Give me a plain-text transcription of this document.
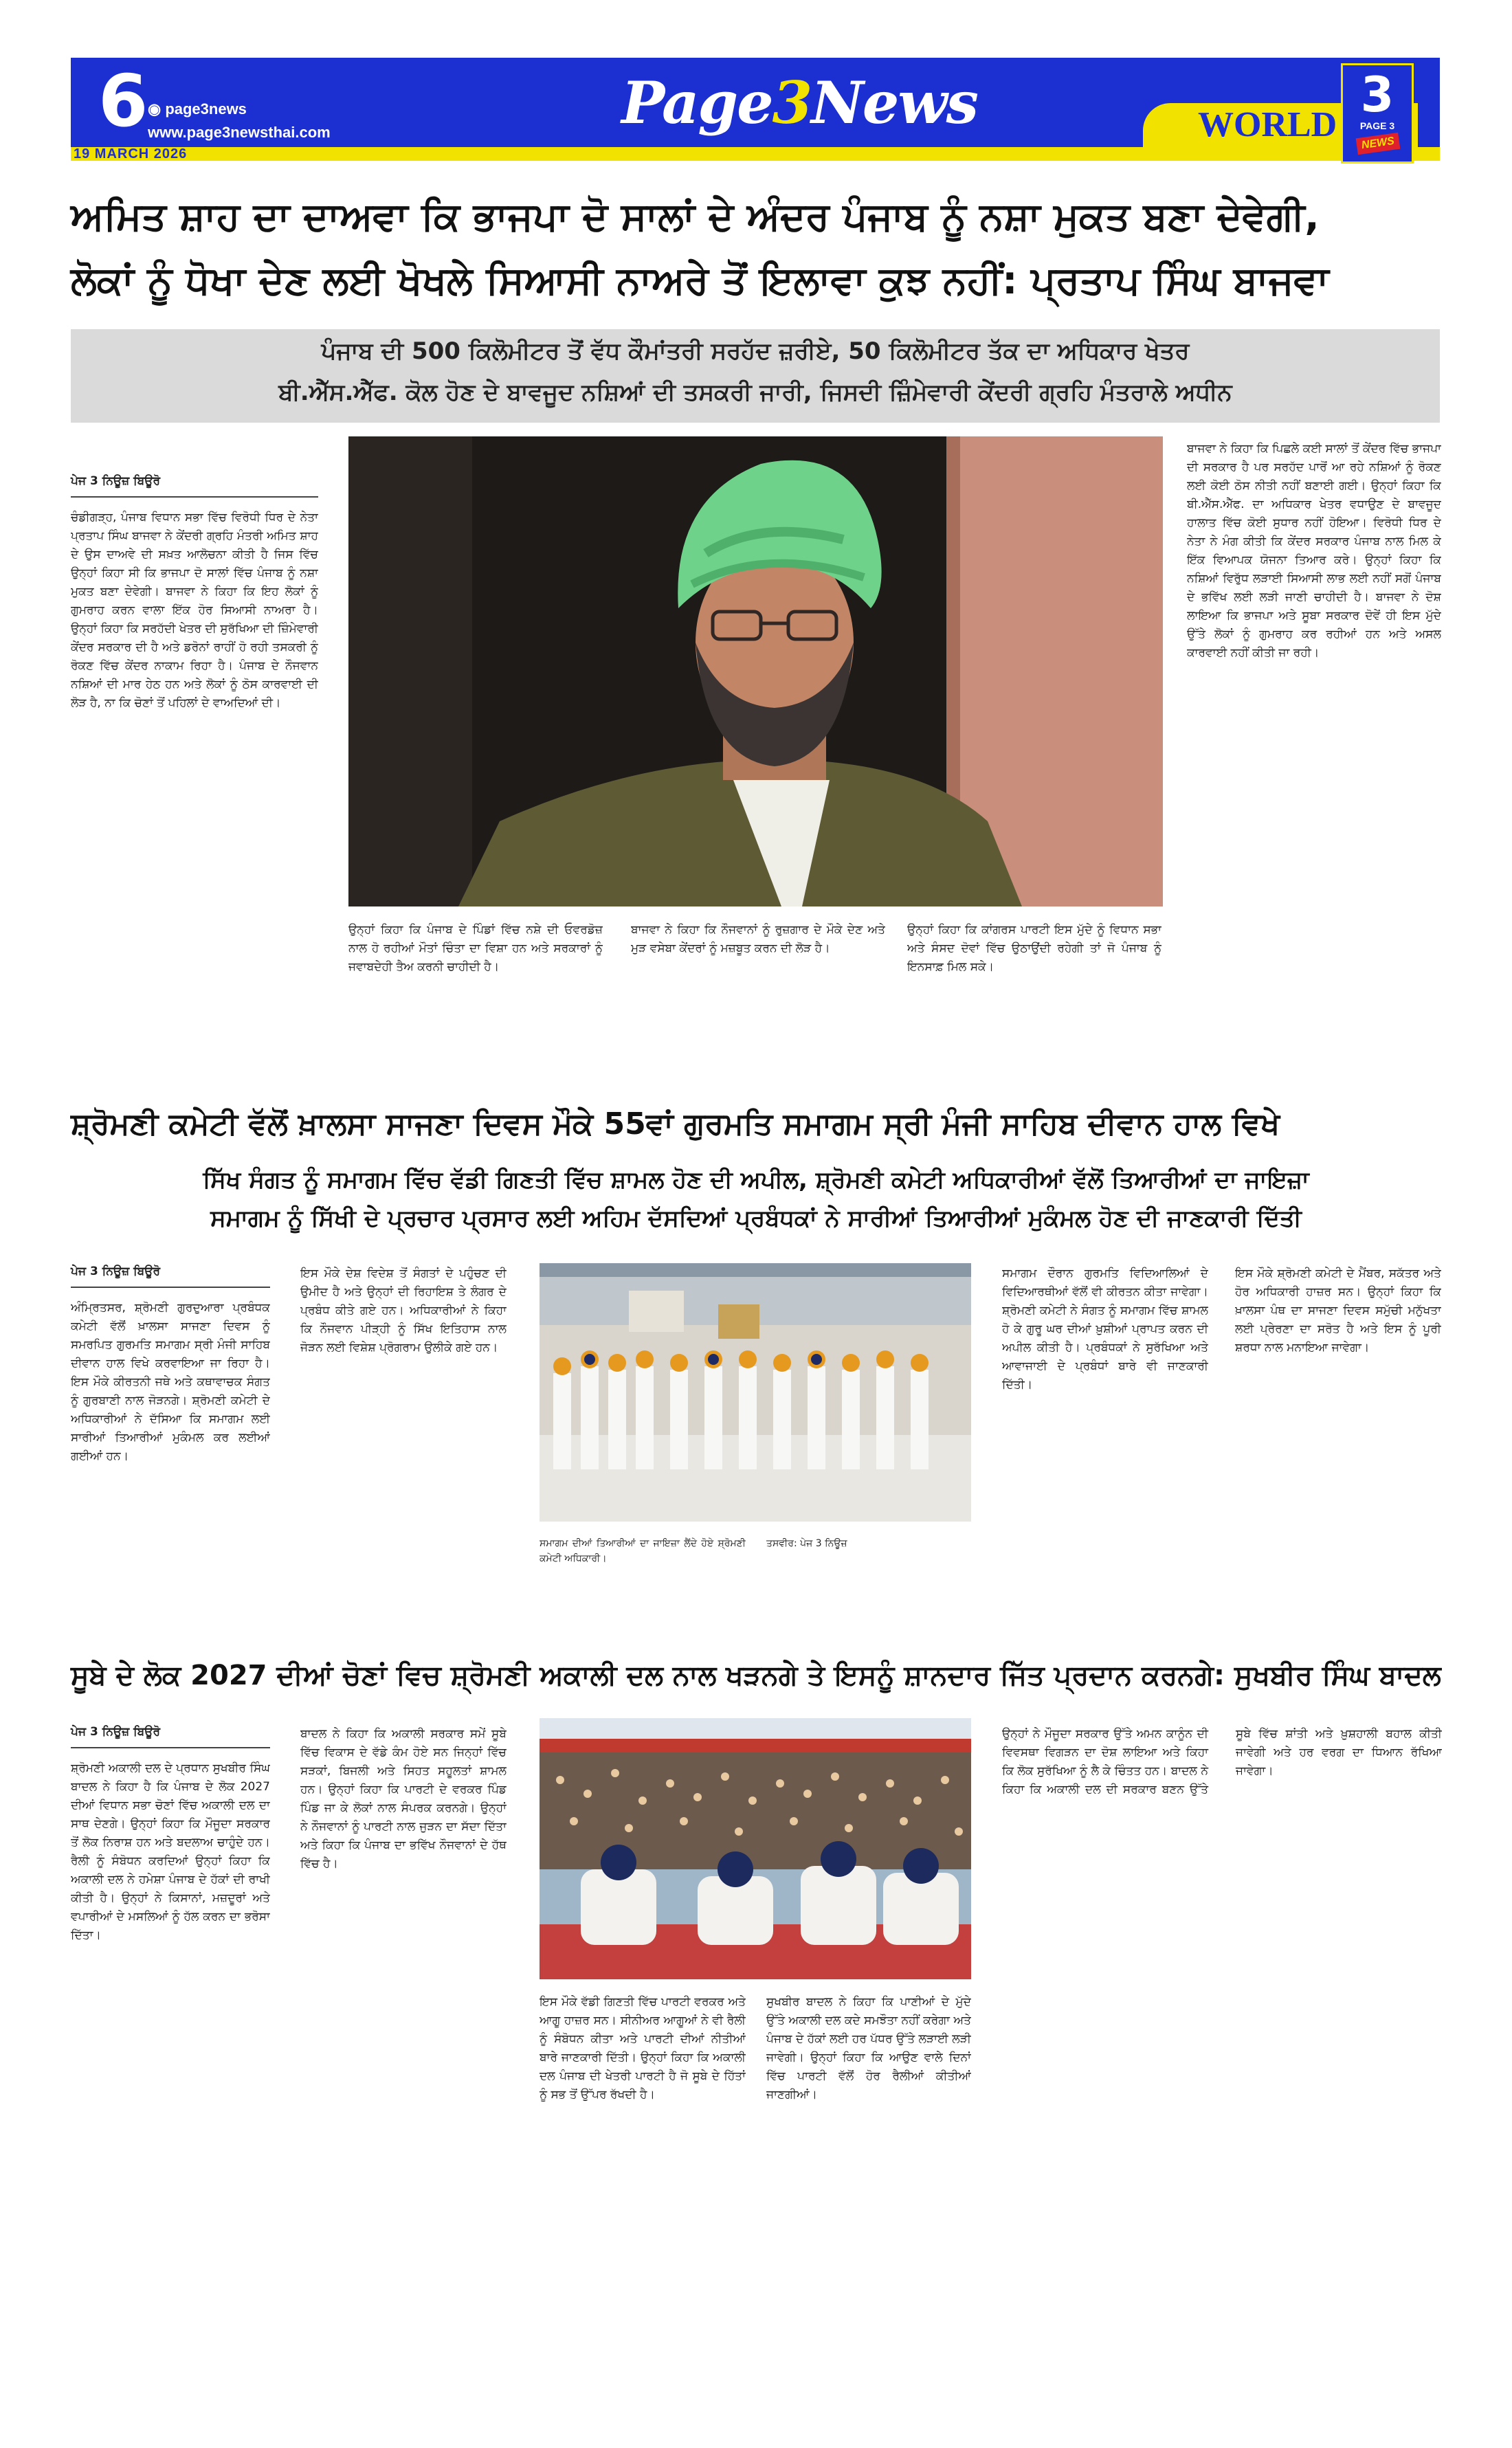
6 ◉ page3news
www.page3newsthai.com
19 MARCH 2026
Page3News	WORLD
3
PAGE 3
NEWS
ਅਮਿਤ ਸ਼ਾਹ ਦਾ ਦਾਅਵਾ ਕਿ ਭਾਜਪਾ ਦੋ ਸਾਲਾਂ ਦੇ ਅੰਦਰ ਪੰਜਾਬ ਨੂੰ ਨਸ਼ਾ ਮੁਕਤ ਬਣਾ ਦੇਵੇਗੀ,
ਲੋਕਾਂ ਨੂੰ ਧੋਖਾ ਦੇਣ ਲਈ ਖੋਖਲੇ ਸਿਆਸੀ ਨਾਅਰੇ ਤੋਂ ਇਲਾਵਾ ਕੁਝ ਨਹੀਂ: ਪ੍ਰਤਾਪ ਸਿੰਘ ਬਾਜਵਾ
ਪੰਜਾਬ ਦੀ 500 ਕਿਲੋਮੀਟਰ ਤੋਂ ਵੱਧ ਕੌਮਾਂਤਰੀ ਸਰਹੱਦ ਜ਼ਰੀਏ, 50 ਕਿਲੋਮੀਟਰ ਤੱਕ ਦਾ ਅਧਿਕਾਰ ਖੇਤਰ
ਬੀ.ਐੱਸ.ਐੱਫ. ਕੋਲ ਹੋਣ ਦੇ ਬਾਵਜੂਦ ਨਸ਼ਿਆਂ ਦੀ ਤਸਕਰੀ ਜਾਰੀ, ਜਿਸਦੀ ਜ਼ਿੰਮੇਵਾਰੀ ਕੇਂਦਰੀ ਗ੍ਰਹਿ ਮੰਤਰਾਲੇ ਅਧੀਨ
ਪੇਜ 3 ਨਿਊਜ਼ ਬਿਊਰੋ
ਚੰਡੀਗੜ੍ਹ, ਪੰਜਾਬ ਵਿਧਾਨ ਸਭਾ ਵਿੱਚ ਵਿਰੋਧੀ ਧਿਰ ਦੇ ਨੇਤਾ ਪ੍ਰਤਾਪ ਸਿੰਘ ਬਾਜਵਾ ਨੇ ਕੇਂਦਰੀ ਗ੍ਰਹਿ ਮੰਤਰੀ ਅਮਿਤ ਸ਼ਾਹ ਦੇ ਉਸ ਦਾਅਵੇ ਦੀ ਸਖ਼ਤ ਆਲੋਚਨਾ ਕੀਤੀ ਹੈ ਜਿਸ ਵਿੱਚ ਉਨ੍ਹਾਂ ਕਿਹਾ ਸੀ ਕਿ ਭਾਜਪਾ ਦੋ ਸਾਲਾਂ ਵਿੱਚ ਪੰਜਾਬ ਨੂੰ ਨਸ਼ਾ ਮੁਕਤ ਬਣਾ ਦੇਵੇਗੀ। ਬਾਜਵਾ ਨੇ ਕਿਹਾ ਕਿ ਇਹ ਲੋਕਾਂ ਨੂੰ ਗੁਮਰਾਹ ਕਰਨ ਵਾਲਾ ਇੱਕ ਹੋਰ ਸਿਆਸੀ ਨਾਅਰਾ ਹੈ। ਉਨ੍ਹਾਂ ਕਿਹਾ ਕਿ ਸਰਹੱਦੀ ਖੇਤਰ ਦੀ ਸੁਰੱਖਿਆ ਦੀ ਜ਼ਿੰਮੇਵਾਰੀ ਕੇਂਦਰ ਸਰਕਾਰ ਦੀ ਹੈ ਅਤੇ ਡਰੋਨਾਂ ਰਾਹੀਂ ਹੋ ਰਹੀ ਤਸਕਰੀ ਨੂੰ ਰੋਕਣ ਵਿੱਚ ਕੇਂਦਰ ਨਾਕਾਮ ਰਿਹਾ ਹੈ। ਪੰਜਾਬ ਦੇ ਨੌਜਵਾਨ ਨਸ਼ਿਆਂ ਦੀ ਮਾਰ ਹੇਠ ਹਨ ਅਤੇ ਲੋਕਾਂ ਨੂੰ ਠੋਸ ਕਾਰਵਾਈ ਦੀ ਲੋੜ ਹੈ, ਨਾ ਕਿ ਚੋਣਾਂ ਤੋਂ ਪਹਿਲਾਂ ਦੇ ਵਾਅਦਿਆਂ ਦੀ।
ਬਾਜਵਾ ਨੇ ਕਿਹਾ ਕਿ ਪਿਛਲੇ ਕਈ ਸਾਲਾਂ ਤੋਂ ਕੇਂਦਰ ਵਿੱਚ ਭਾਜਪਾ ਦੀ ਸਰਕਾਰ ਹੈ ਪਰ ਸਰਹੱਦ ਪਾਰੋਂ ਆ ਰਹੇ ਨਸ਼ਿਆਂ ਨੂੰ ਰੋਕਣ ਲਈ ਕੋਈ ਠੋਸ ਨੀਤੀ ਨਹੀਂ ਬਣਾਈ ਗਈ। ਉਨ੍ਹਾਂ ਕਿਹਾ ਕਿ ਬੀ.ਐੱਸ.ਐੱਫ. ਦਾ ਅਧਿਕਾਰ ਖੇਤਰ ਵਧਾਉਣ ਦੇ ਬਾਵਜੂਦ ਹਾਲਾਤ ਵਿੱਚ ਕੋਈ ਸੁਧਾਰ ਨਹੀਂ ਹੋਇਆ। ਵਿਰੋਧੀ ਧਿਰ ਦੇ ਨੇਤਾ ਨੇ ਮੰਗ ਕੀਤੀ ਕਿ ਕੇਂਦਰ ਸਰਕਾਰ ਪੰਜਾਬ ਨਾਲ ਮਿਲ ਕੇ ਇੱਕ ਵਿਆਪਕ ਯੋਜਨਾ ਤਿਆਰ ਕਰੇ। ਉਨ੍ਹਾਂ ਕਿਹਾ ਕਿ ਨਸ਼ਿਆਂ ਵਿਰੁੱਧ ਲੜਾਈ ਸਿਆਸੀ ਲਾਭ ਲਈ ਨਹੀਂ ਸਗੋਂ ਪੰਜਾਬ ਦੇ ਭਵਿੱਖ ਲਈ ਲੜੀ ਜਾਣੀ ਚਾਹੀਦੀ ਹੈ। ਬਾਜਵਾ ਨੇ ਦੋਸ਼ ਲਾਇਆ ਕਿ ਭਾਜਪਾ ਅਤੇ ਸੂਬਾ ਸਰਕਾਰ ਦੋਵੇਂ ਹੀ ਇਸ ਮੁੱਦੇ ਉੱਤੇ ਲੋਕਾਂ ਨੂੰ ਗੁਮਰਾਹ ਕਰ ਰਹੀਆਂ ਹਨ ਅਤੇ ਅਸਲ ਕਾਰਵਾਈ ਨਹੀਂ ਕੀਤੀ ਜਾ ਰਹੀ।
ਉਨ੍ਹਾਂ ਕਿਹਾ ਕਿ ਪੰਜਾਬ ਦੇ ਪਿੰਡਾਂ ਵਿੱਚ ਨਸ਼ੇ ਦੀ ਓਵਰਡੋਜ਼ ਨਾਲ ਹੋ ਰਹੀਆਂ ਮੌਤਾਂ ਚਿੰਤਾ ਦਾ ਵਿਸ਼ਾ ਹਨ ਅਤੇ ਸਰਕਾਰਾਂ ਨੂੰ ਜਵਾਬਦੇਹੀ ਤੈਅ ਕਰਨੀ ਚਾਹੀਦੀ ਹੈ।
ਬਾਜਵਾ ਨੇ ਕਿਹਾ ਕਿ ਨੌਜਵਾਨਾਂ ਨੂੰ ਰੁਜ਼ਗਾਰ ਦੇ ਮੌਕੇ ਦੇਣ ਅਤੇ ਮੁੜ ਵਸੇਬਾ ਕੇਂਦਰਾਂ ਨੂੰ ਮਜ਼ਬੂਤ ਕਰਨ ਦੀ ਲੋੜ ਹੈ।
ਉਨ੍ਹਾਂ ਕਿਹਾ ਕਿ ਕਾਂਗਰਸ ਪਾਰਟੀ ਇਸ ਮੁੱਦੇ ਨੂੰ ਵਿਧਾਨ ਸਭਾ ਅਤੇ ਸੰਸਦ ਦੋਵਾਂ ਵਿੱਚ ਉਠਾਉਂਦੀ ਰਹੇਗੀ ਤਾਂ ਜੋ ਪੰਜਾਬ ਨੂੰ ਇਨਸਾਫ਼ ਮਿਲ ਸਕੇ।
ਸ਼੍ਰੋਮਣੀ ਕਮੇਟੀ ਵੱਲੋਂ ਖ਼ਾਲਸਾ ਸਾਜਣਾ ਦਿਵਸ ਮੌਕੇ 55ਵਾਂ ਗੁਰਮਤਿ ਸਮਾਗਮ ਸ੍ਰੀ ਮੰਜੀ ਸਾਹਿਬ ਦੀਵਾਨ ਹਾਲ ਵਿਖੇ
ਸਿੱਖ ਸੰਗਤ ਨੂੰ ਸਮਾਗਮ ਵਿੱਚ ਵੱਡੀ ਗਿਣਤੀ ਵਿੱਚ ਸ਼ਾਮਲ ਹੋਣ ਦੀ ਅਪੀਲ, ਸ਼੍ਰੋਮਣੀ ਕਮੇਟੀ ਅਧਿਕਾਰੀਆਂ ਵੱਲੋਂ ਤਿਆਰੀਆਂ ਦਾ ਜਾਇਜ਼ਾ
ਸਮਾਗਮ ਨੂੰ ਸਿੱਖੀ ਦੇ ਪ੍ਰਚਾਰ ਪ੍ਰਸਾਰ ਲਈ ਅਹਿਮ ਦੱਸਦਿਆਂ ਪ੍ਰਬੰਧਕਾਂ ਨੇ ਸਾਰੀਆਂ ਤਿਆਰੀਆਂ ਮੁਕੰਮਲ ਹੋਣ ਦੀ ਜਾਣਕਾਰੀ ਦਿੱਤੀ
ਪੇਜ 3 ਨਿਊਜ਼ ਬਿਊਰੋ
ਅੰਮ੍ਰਿਤਸਰ, ਸ਼੍ਰੋਮਣੀ ਗੁਰਦੁਆਰਾ ਪ੍ਰਬੰਧਕ ਕਮੇਟੀ ਵੱਲੋਂ ਖ਼ਾਲਸਾ ਸਾਜਣਾ ਦਿਵਸ ਨੂੰ ਸਮਰਪਿਤ ਗੁਰਮਤਿ ਸਮਾਗਮ ਸ੍ਰੀ ਮੰਜੀ ਸਾਹਿਬ ਦੀਵਾਨ ਹਾਲ ਵਿਖੇ ਕਰਵਾਇਆ ਜਾ ਰਿਹਾ ਹੈ। ਇਸ ਮੌਕੇ ਕੀਰਤਨੀ ਜਥੇ ਅਤੇ ਕਥਾਵਾਚਕ ਸੰਗਤ ਨੂੰ ਗੁਰਬਾਣੀ ਨਾਲ ਜੋੜਨਗੇ। ਸ਼੍ਰੋਮਣੀ ਕਮੇਟੀ ਦੇ ਅਧਿਕਾਰੀਆਂ ਨੇ ਦੱਸਿਆ ਕਿ ਸਮਾਗਮ ਲਈ ਸਾਰੀਆਂ ਤਿਆਰੀਆਂ ਮੁਕੰਮਲ ਕਰ ਲਈਆਂ ਗਈਆਂ ਹਨ।
ਇਸ ਮੌਕੇ ਦੇਸ਼ ਵਿਦੇਸ਼ ਤੋਂ ਸੰਗਤਾਂ ਦੇ ਪਹੁੰਚਣ ਦੀ ਉਮੀਦ ਹੈ ਅਤੇ ਉਨ੍ਹਾਂ ਦੀ ਰਿਹਾਇਸ਼ ਤੇ ਲੰਗਰ ਦੇ ਪ੍ਰਬੰਧ ਕੀਤੇ ਗਏ ਹਨ। ਅਧਿਕਾਰੀਆਂ ਨੇ ਕਿਹਾ ਕਿ ਨੌਜਵਾਨ ਪੀੜ੍ਹੀ ਨੂੰ ਸਿੱਖ ਇਤਿਹਾਸ ਨਾਲ ਜੋੜਨ ਲਈ ਵਿਸ਼ੇਸ਼ ਪ੍ਰੋਗਰਾਮ ਉਲੀਕੇ ਗਏ ਹਨ।
ਸਮਾਗਮ ਦੀਆਂ ਤਿਆਰੀਆਂ ਦਾ ਜਾਇਜ਼ਾ ਲੈਂਦੇ ਹੋਏ ਸ਼੍ਰੋਮਣੀ ਕਮੇਟੀ ਅਧਿਕਾਰੀ।
ਤਸਵੀਰ: ਪੇਜ 3 ਨਿਊਜ਼
ਸਮਾਗਮ ਦੌਰਾਨ ਗੁਰਮਤਿ ਵਿਦਿਆਲਿਆਂ ਦੇ ਵਿਦਿਆਰਥੀਆਂ ਵੱਲੋਂ ਵੀ ਕੀਰਤਨ ਕੀਤਾ ਜਾਵੇਗਾ। ਸ਼੍ਰੋਮਣੀ ਕਮੇਟੀ ਨੇ ਸੰਗਤ ਨੂੰ ਸਮਾਗਮ ਵਿੱਚ ਸ਼ਾਮਲ ਹੋ ਕੇ ਗੁਰੂ ਘਰ ਦੀਆਂ ਖ਼ੁਸ਼ੀਆਂ ਪ੍ਰਾਪਤ ਕਰਨ ਦੀ ਅਪੀਲ ਕੀਤੀ ਹੈ। ਪ੍ਰਬੰਧਕਾਂ ਨੇ ਸੁਰੱਖਿਆ ਅਤੇ ਆਵਾਜਾਈ ਦੇ ਪ੍ਰਬੰਧਾਂ ਬਾਰੇ ਵੀ ਜਾਣਕਾਰੀ ਦਿੱਤੀ।
ਇਸ ਮੌਕੇ ਸ਼੍ਰੋਮਣੀ ਕਮੇਟੀ ਦੇ ਮੈਂਬਰ, ਸਕੱਤਰ ਅਤੇ ਹੋਰ ਅਧਿਕਾਰੀ ਹਾਜ਼ਰ ਸਨ। ਉਨ੍ਹਾਂ ਕਿਹਾ ਕਿ ਖ਼ਾਲਸਾ ਪੰਥ ਦਾ ਸਾਜਣਾ ਦਿਵਸ ਸਮੁੱਚੀ ਮਨੁੱਖਤਾ ਲਈ ਪ੍ਰੇਰਣਾ ਦਾ ਸਰੋਤ ਹੈ ਅਤੇ ਇਸ ਨੂੰ ਪੂਰੀ ਸ਼ਰਧਾ ਨਾਲ ਮਨਾਇਆ ਜਾਵੇਗਾ।
ਸੂਬੇ ਦੇ ਲੋਕ 2027 ਦੀਆਂ ਚੋਣਾਂ ਵਿਚ ਸ਼੍ਰੋਮਣੀ ਅਕਾਲੀ ਦਲ ਨਾਲ ਖੜਨਗੇ ਤੇ ਇਸਨੂੰ ਸ਼ਾਨਦਾਰ ਜਿੱਤ ਪ੍ਰਦਾਨ ਕਰਨਗੇ: ਸੁਖਬੀਰ ਸਿੰਘ ਬਾਦਲ
ਪੇਜ 3 ਨਿਊਜ਼ ਬਿਊਰੋ
ਸ਼੍ਰੋਮਣੀ ਅਕਾਲੀ ਦਲ ਦੇ ਪ੍ਰਧਾਨ ਸੁਖਬੀਰ ਸਿੰਘ ਬਾਦਲ ਨੇ ਕਿਹਾ ਹੈ ਕਿ ਪੰਜਾਬ ਦੇ ਲੋਕ 2027 ਦੀਆਂ ਵਿਧਾਨ ਸਭਾ ਚੋਣਾਂ ਵਿੱਚ ਅਕਾਲੀ ਦਲ ਦਾ ਸਾਥ ਦੇਣਗੇ। ਉਨ੍ਹਾਂ ਕਿਹਾ ਕਿ ਮੌਜੂਦਾ ਸਰਕਾਰ ਤੋਂ ਲੋਕ ਨਿਰਾਸ਼ ਹਨ ਅਤੇ ਬਦਲਾਅ ਚਾਹੁੰਦੇ ਹਨ। ਰੈਲੀ ਨੂੰ ਸੰਬੋਧਨ ਕਰਦਿਆਂ ਉਨ੍ਹਾਂ ਕਿਹਾ ਕਿ ਅਕਾਲੀ ਦਲ ਨੇ ਹਮੇਸ਼ਾ ਪੰਜਾਬ ਦੇ ਹੱਕਾਂ ਦੀ ਰਾਖੀ ਕੀਤੀ ਹੈ। ਉਨ੍ਹਾਂ ਨੇ ਕਿਸਾਨਾਂ, ਮਜ਼ਦੂਰਾਂ ਅਤੇ ਵਪਾਰੀਆਂ ਦੇ ਮਸਲਿਆਂ ਨੂੰ ਹੱਲ ਕਰਨ ਦਾ ਭਰੋਸਾ ਦਿੱਤਾ।
ਬਾਦਲ ਨੇ ਕਿਹਾ ਕਿ ਅਕਾਲੀ ਸਰਕਾਰ ਸਮੇਂ ਸੂਬੇ ਵਿੱਚ ਵਿਕਾਸ ਦੇ ਵੱਡੇ ਕੰਮ ਹੋਏ ਸਨ ਜਿਨ੍ਹਾਂ ਵਿੱਚ ਸੜਕਾਂ, ਬਿਜਲੀ ਅਤੇ ਸਿਹਤ ਸਹੂਲਤਾਂ ਸ਼ਾਮਲ ਹਨ। ਉਨ੍ਹਾਂ ਕਿਹਾ ਕਿ ਪਾਰਟੀ ਦੇ ਵਰਕਰ ਪਿੰਡ ਪਿੰਡ ਜਾ ਕੇ ਲੋਕਾਂ ਨਾਲ ਸੰਪਰਕ ਕਰਨਗੇ। ਉਨ੍ਹਾਂ ਨੇ ਨੌਜਵਾਨਾਂ ਨੂੰ ਪਾਰਟੀ ਨਾਲ ਜੁੜਨ ਦਾ ਸੱਦਾ ਦਿੱਤਾ ਅਤੇ ਕਿਹਾ ਕਿ ਪੰਜਾਬ ਦਾ ਭਵਿੱਖ ਨੌਜਵਾਨਾਂ ਦੇ ਹੱਥ ਵਿੱਚ ਹੈ।
ਇਸ ਮੌਕੇ ਵੱਡੀ ਗਿਣਤੀ ਵਿੱਚ ਪਾਰਟੀ ਵਰਕਰ ਅਤੇ ਆਗੂ ਹਾਜ਼ਰ ਸਨ। ਸੀਨੀਅਰ ਆਗੂਆਂ ਨੇ ਵੀ ਰੈਲੀ ਨੂੰ ਸੰਬੋਧਨ ਕੀਤਾ ਅਤੇ ਪਾਰਟੀ ਦੀਆਂ ਨੀਤੀਆਂ ਬਾਰੇ ਜਾਣਕਾਰੀ ਦਿੱਤੀ। ਉਨ੍ਹਾਂ ਕਿਹਾ ਕਿ ਅਕਾਲੀ ਦਲ ਪੰਜਾਬ ਦੀ ਖੇਤਰੀ ਪਾਰਟੀ ਹੈ ਜੋ ਸੂਬੇ ਦੇ ਹਿੱਤਾਂ ਨੂੰ ਸਭ ਤੋਂ ਉੱਪਰ ਰੱਖਦੀ ਹੈ।
ਸੁਖਬੀਰ ਬਾਦਲ ਨੇ ਕਿਹਾ ਕਿ ਪਾਣੀਆਂ ਦੇ ਮੁੱਦੇ ਉੱਤੇ ਅਕਾਲੀ ਦਲ ਕਦੇ ਸਮਝੌਤਾ ਨਹੀਂ ਕਰੇਗਾ ਅਤੇ ਪੰਜਾਬ ਦੇ ਹੱਕਾਂ ਲਈ ਹਰ ਪੱਧਰ ਉੱਤੇ ਲੜਾਈ ਲੜੀ ਜਾਵੇਗੀ। ਉਨ੍ਹਾਂ ਕਿਹਾ ਕਿ ਆਉਣ ਵਾਲੇ ਦਿਨਾਂ ਵਿੱਚ ਪਾਰਟੀ ਵੱਲੋਂ ਹੋਰ ਰੈਲੀਆਂ ਕੀਤੀਆਂ ਜਾਣਗੀਆਂ।
ਉਨ੍ਹਾਂ ਨੇ ਮੌਜੂਦਾ ਸਰਕਾਰ ਉੱਤੇ ਅਮਨ ਕਾਨੂੰਨ ਦੀ ਵਿਵਸਥਾ ਵਿਗੜਨ ਦਾ ਦੋਸ਼ ਲਾਇਆ ਅਤੇ ਕਿਹਾ ਕਿ ਲੋਕ ਸੁਰੱਖਿਆ ਨੂੰ ਲੈ ਕੇ ਚਿੰਤਤ ਹਨ। ਬਾਦਲ ਨੇ ਕਿਹਾ ਕਿ ਅਕਾਲੀ ਦਲ ਦੀ ਸਰਕਾਰ ਬਣਨ ਉੱਤੇ ਸੂਬੇ ਵਿੱਚ ਸ਼ਾਂਤੀ ਅਤੇ ਖ਼ੁਸ਼ਹਾਲੀ ਬਹਾਲ ਕੀਤੀ ਜਾਵੇਗੀ ਅਤੇ ਹਰ ਵਰਗ ਦਾ ਧਿਆਨ ਰੱਖਿਆ ਜਾਵੇਗਾ।
